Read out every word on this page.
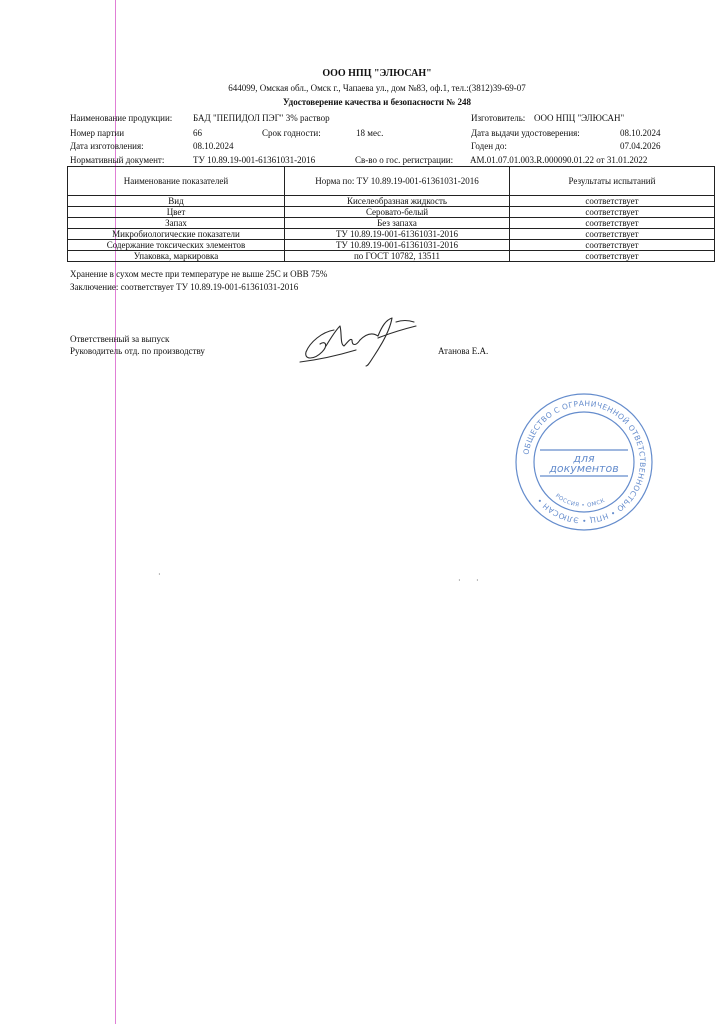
ООО НПЦ "ЭЛЮСАН"
644099, Омская обл., Омск г., Чапаева ул., дом №83, оф.1, тел.:(3812)39-69-07
Удостоверение качества и безопасности № 248
Наименование продукции: БАД "ПЕПИДОЛ ПЭГ" 3% раствор	Изготовитель: ООО НПЦ "ЭЛЮСАН"
Номер партии	66	Срок годности:	18 мес.	Дата выдачи удостоверения:	08.10.2024
Дата изготовления:	08.10.2024	Годен до:	07.04.2026
Нормативный документ:	ТУ 10.89.19-001-61361031-2016	Св-во о гос. регистрации: AM.01.07.01.003.R.000090.01.22 от 31.01.2022
Наименование показателей	Норма по: ТУ 10.89.19-001-61361031-2016	Результаты испытаний
Вид	Киселеобразная жидкость	соответствует
Цвет	Серовато-белый	соответствует
Запах	Без запаха	соответствует
Микробиологические показатели	ТУ 10.89.19-001-61361031-2016	соответствует
Содержание токсических элементов	ТУ 10.89.19-001-61361031-2016	соответствует
Упаковка, маркировка	по ГОСТ 10782, 13511	соответствует
Хранение в сухом месте при температуре не выше 25С и ОВВ 75%
Заключение: соответствует ТУ 10.89.19-001-61361031-2016
Ответственный за выпуск
Руководитель отд. по производству	Атанова Е.А.
ОБЩЕСТВО С ОГРАНИЧЕННОЙ ОТВЕТСТВЕННОСТЬЮ • НПЦ • ЭЛЮСАН •
для
документов
РОССИЯ • ОМСК
·
· ·
